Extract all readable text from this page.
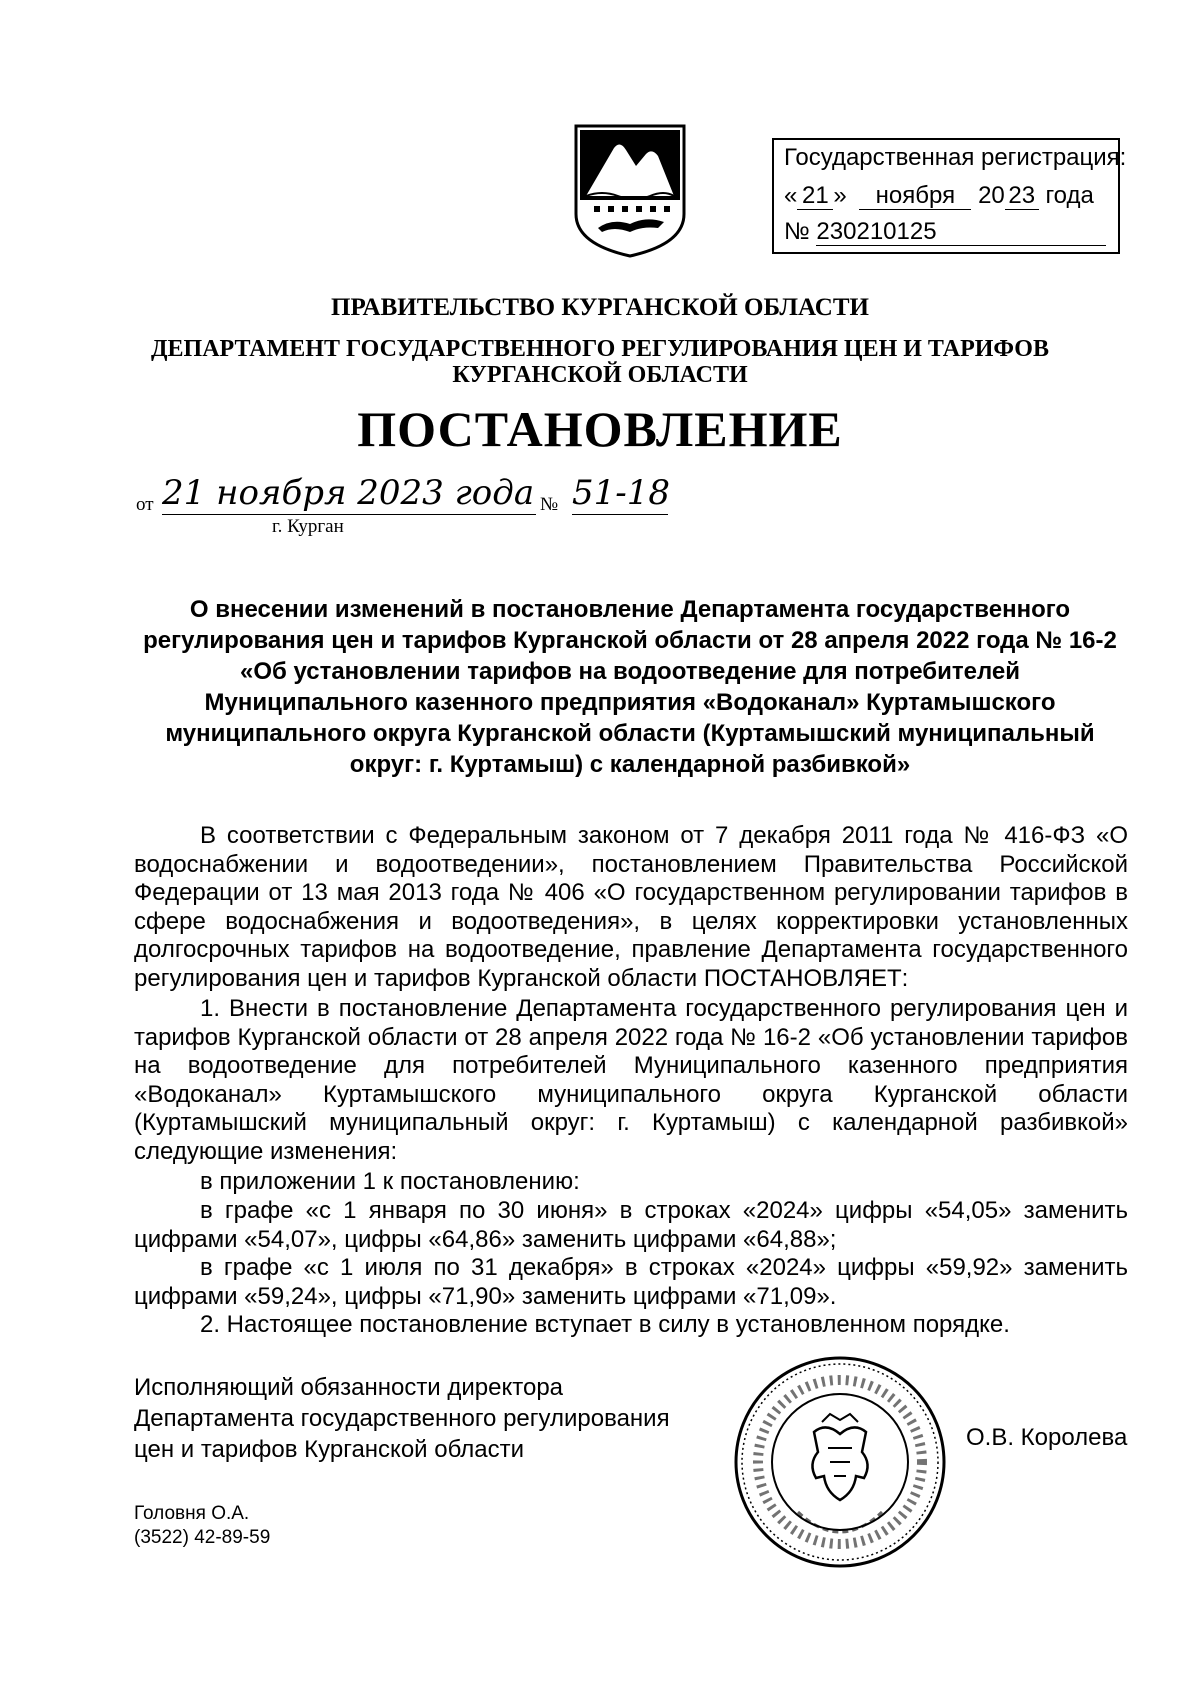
Государственная регистрация:
« 21 » ноября 20 23 года
№ 230210125
ПРАВИТЕЛЬСТВО КУРГАНСКОЙ ОБЛАСТИ
ДЕПАРТАМЕНТ ГОСУДАРСТВЕННОГО РЕГУЛИРОВАНИЯ ЦЕН И ТАРИФОВ
КУРГАНСКОЙ ОБЛАСТИ
ПОСТАНОВЛЕНИЕ
от 21 ноября 2023 года № 51-18
г. Курган
О внесении изменений в постановление Департамента государственного регулирования цен и тарифов Курганской области от 28 апреля 2022 года № 16-2 «Об установлении тарифов на водоотведение для потребителей Муниципального казенного предприятия «Водоканал» Куртамышского муниципального округа Курганской области (Куртамышский муниципальный округ: г. Куртамыш) с календарной разбивкой»
В соответствии с Федеральным законом от 7 декабря 2011 года № 416-ФЗ «О водоснабжении и водоотведении», постановлением Правительства Российской Федерации от 13 мая 2013 года № 406 «О государственном регулировании тарифов в сфере водоснабжения и водоотведения», в целях корректировки установленных долгосрочных тарифов на водоотведение, правление Департамента государственного регулирования цен и тарифов Курганской области ПОСТАНОВЛЯЕТ:
1. Внести в постановление Департамента государственного регулирования цен и тарифов Курганской области от 28 апреля 2022 года № 16-2 «Об установлении тарифов на водоотведение для потребителей Муниципального казенного предприятия «Водоканал» Куртамышского муниципального округа Курганской области (Куртамышский муниципальный округ: г. Куртамыш) с календарной разбивкой» следующие изменения:
в приложении 1 к постановлению:
в графе «с 1 января по 30 июня» в строках «2024» цифры «54,05» заменить цифрами «54,07», цифры «64,86» заменить цифрами «64,88»;
в графе «с 1 июля по 31 декабря» в строках «2024» цифры «59,92» заменить цифрами «59,24», цифры «71,90» заменить цифрами «71,09».
2. Настоящее постановление вступает в силу в установленном порядке.
Исполняющий обязанности директора
Департамента государственного регулирования
цен и тарифов Курганской области	О.В. Королева
Головня О.А.
(3522) 42-89-59
